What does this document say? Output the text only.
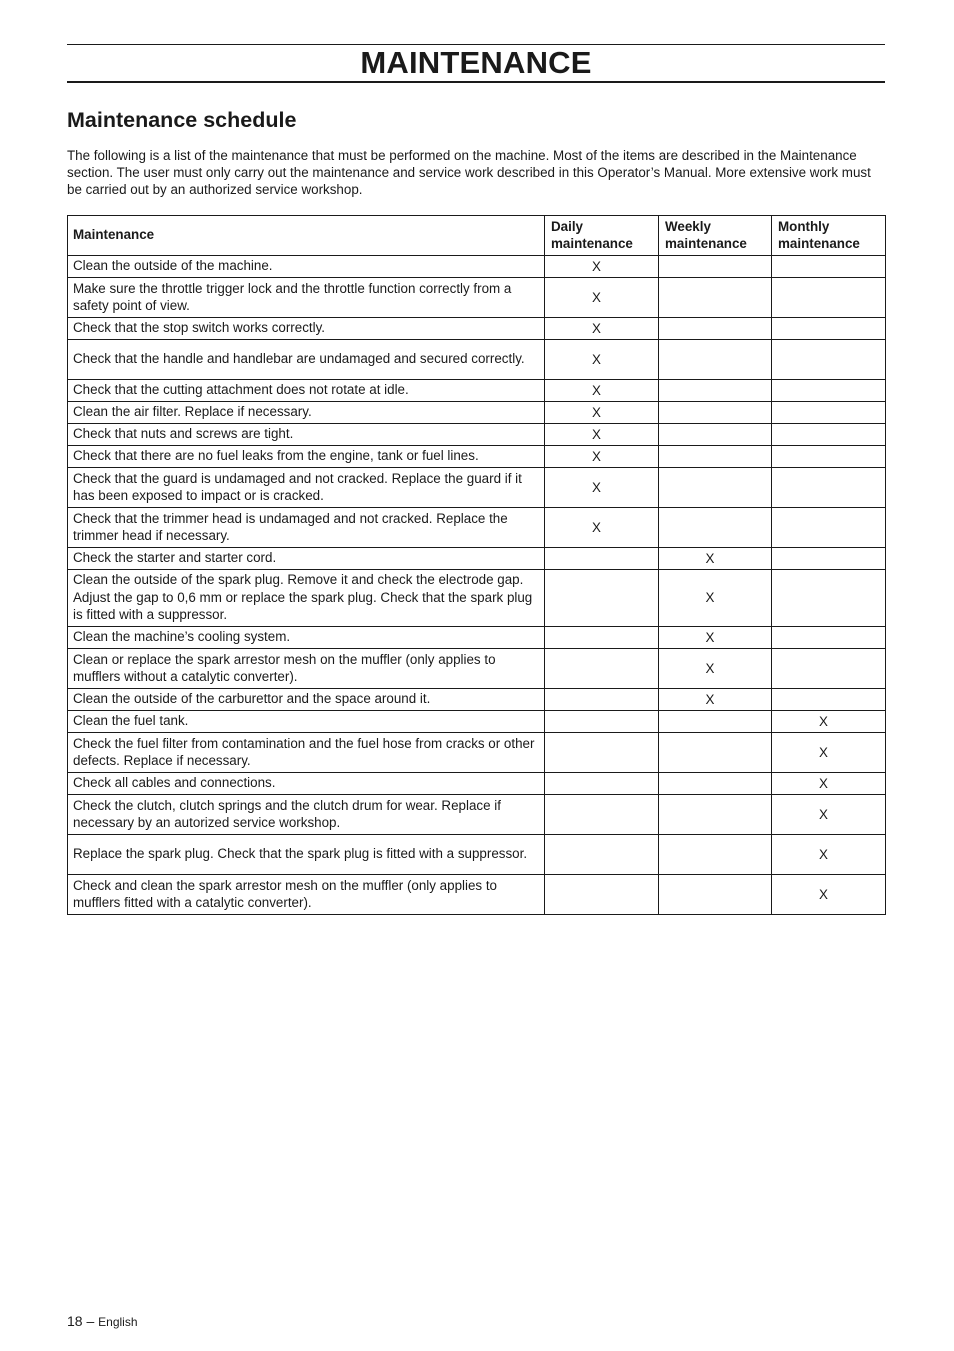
MAINTENANCE
Maintenance schedule

The following is a list of the maintenance that must be performed on the machine. Most of the items are described in the Maintenance section. The user must only carry out the maintenance and service work described in this Operator’s Manual. More extensive work must be carried out by an authorized service workshop.

Maintenance	Daily maintenance	Weekly maintenance	Monthly maintenance
Clean the outside of the machine.	X		
Make sure the throttle trigger lock and the throttle function correctly from a safety point of view.	X		
Check that the stop switch works correctly.	X		
Check that the handle and handlebar are undamaged and secured correctly.	X		
Check that the cutting attachment does not rotate at idle.	X		
Clean the air filter. Replace if necessary.	X		
Check that nuts and screws are tight.	X		
Check that there are no fuel leaks from the engine, tank or fuel lines.	X		
Check that the guard is undamaged and not cracked. Replace the guard if it has been exposed to impact or is cracked.	X		
Check that the trimmer head is undamaged and not cracked. Replace the trimmer head if necessary.	X		
Check the starter and starter cord.		X	
Clean the outside of the spark plug. Remove it and check the electrode gap. Adjust the gap to 0,6 mm or replace the spark plug. Check that the spark plug is fitted with a suppressor.		X	
Clean the machine’s cooling system.		X	
Clean or replace the spark arrestor mesh on the muffler (only applies to mufflers without a catalytic converter).		X	
Clean the outside of the carburettor and the space around it.		X	
Clean the fuel tank.			X
Check the fuel filter from contamination and the fuel hose from cracks or other defects. Replace if necessary.			X
Check all cables and connections.			X
Check the clutch, clutch springs and the clutch drum for wear. Replace if necessary by an autorized service workshop.			X
Replace the spark plug. Check that the spark plug is fitted with a suppressor.			X
Check and clean the spark arrestor mesh on the muffler (only applies to mufflers fitted with a catalytic converter).			X
18 – English
